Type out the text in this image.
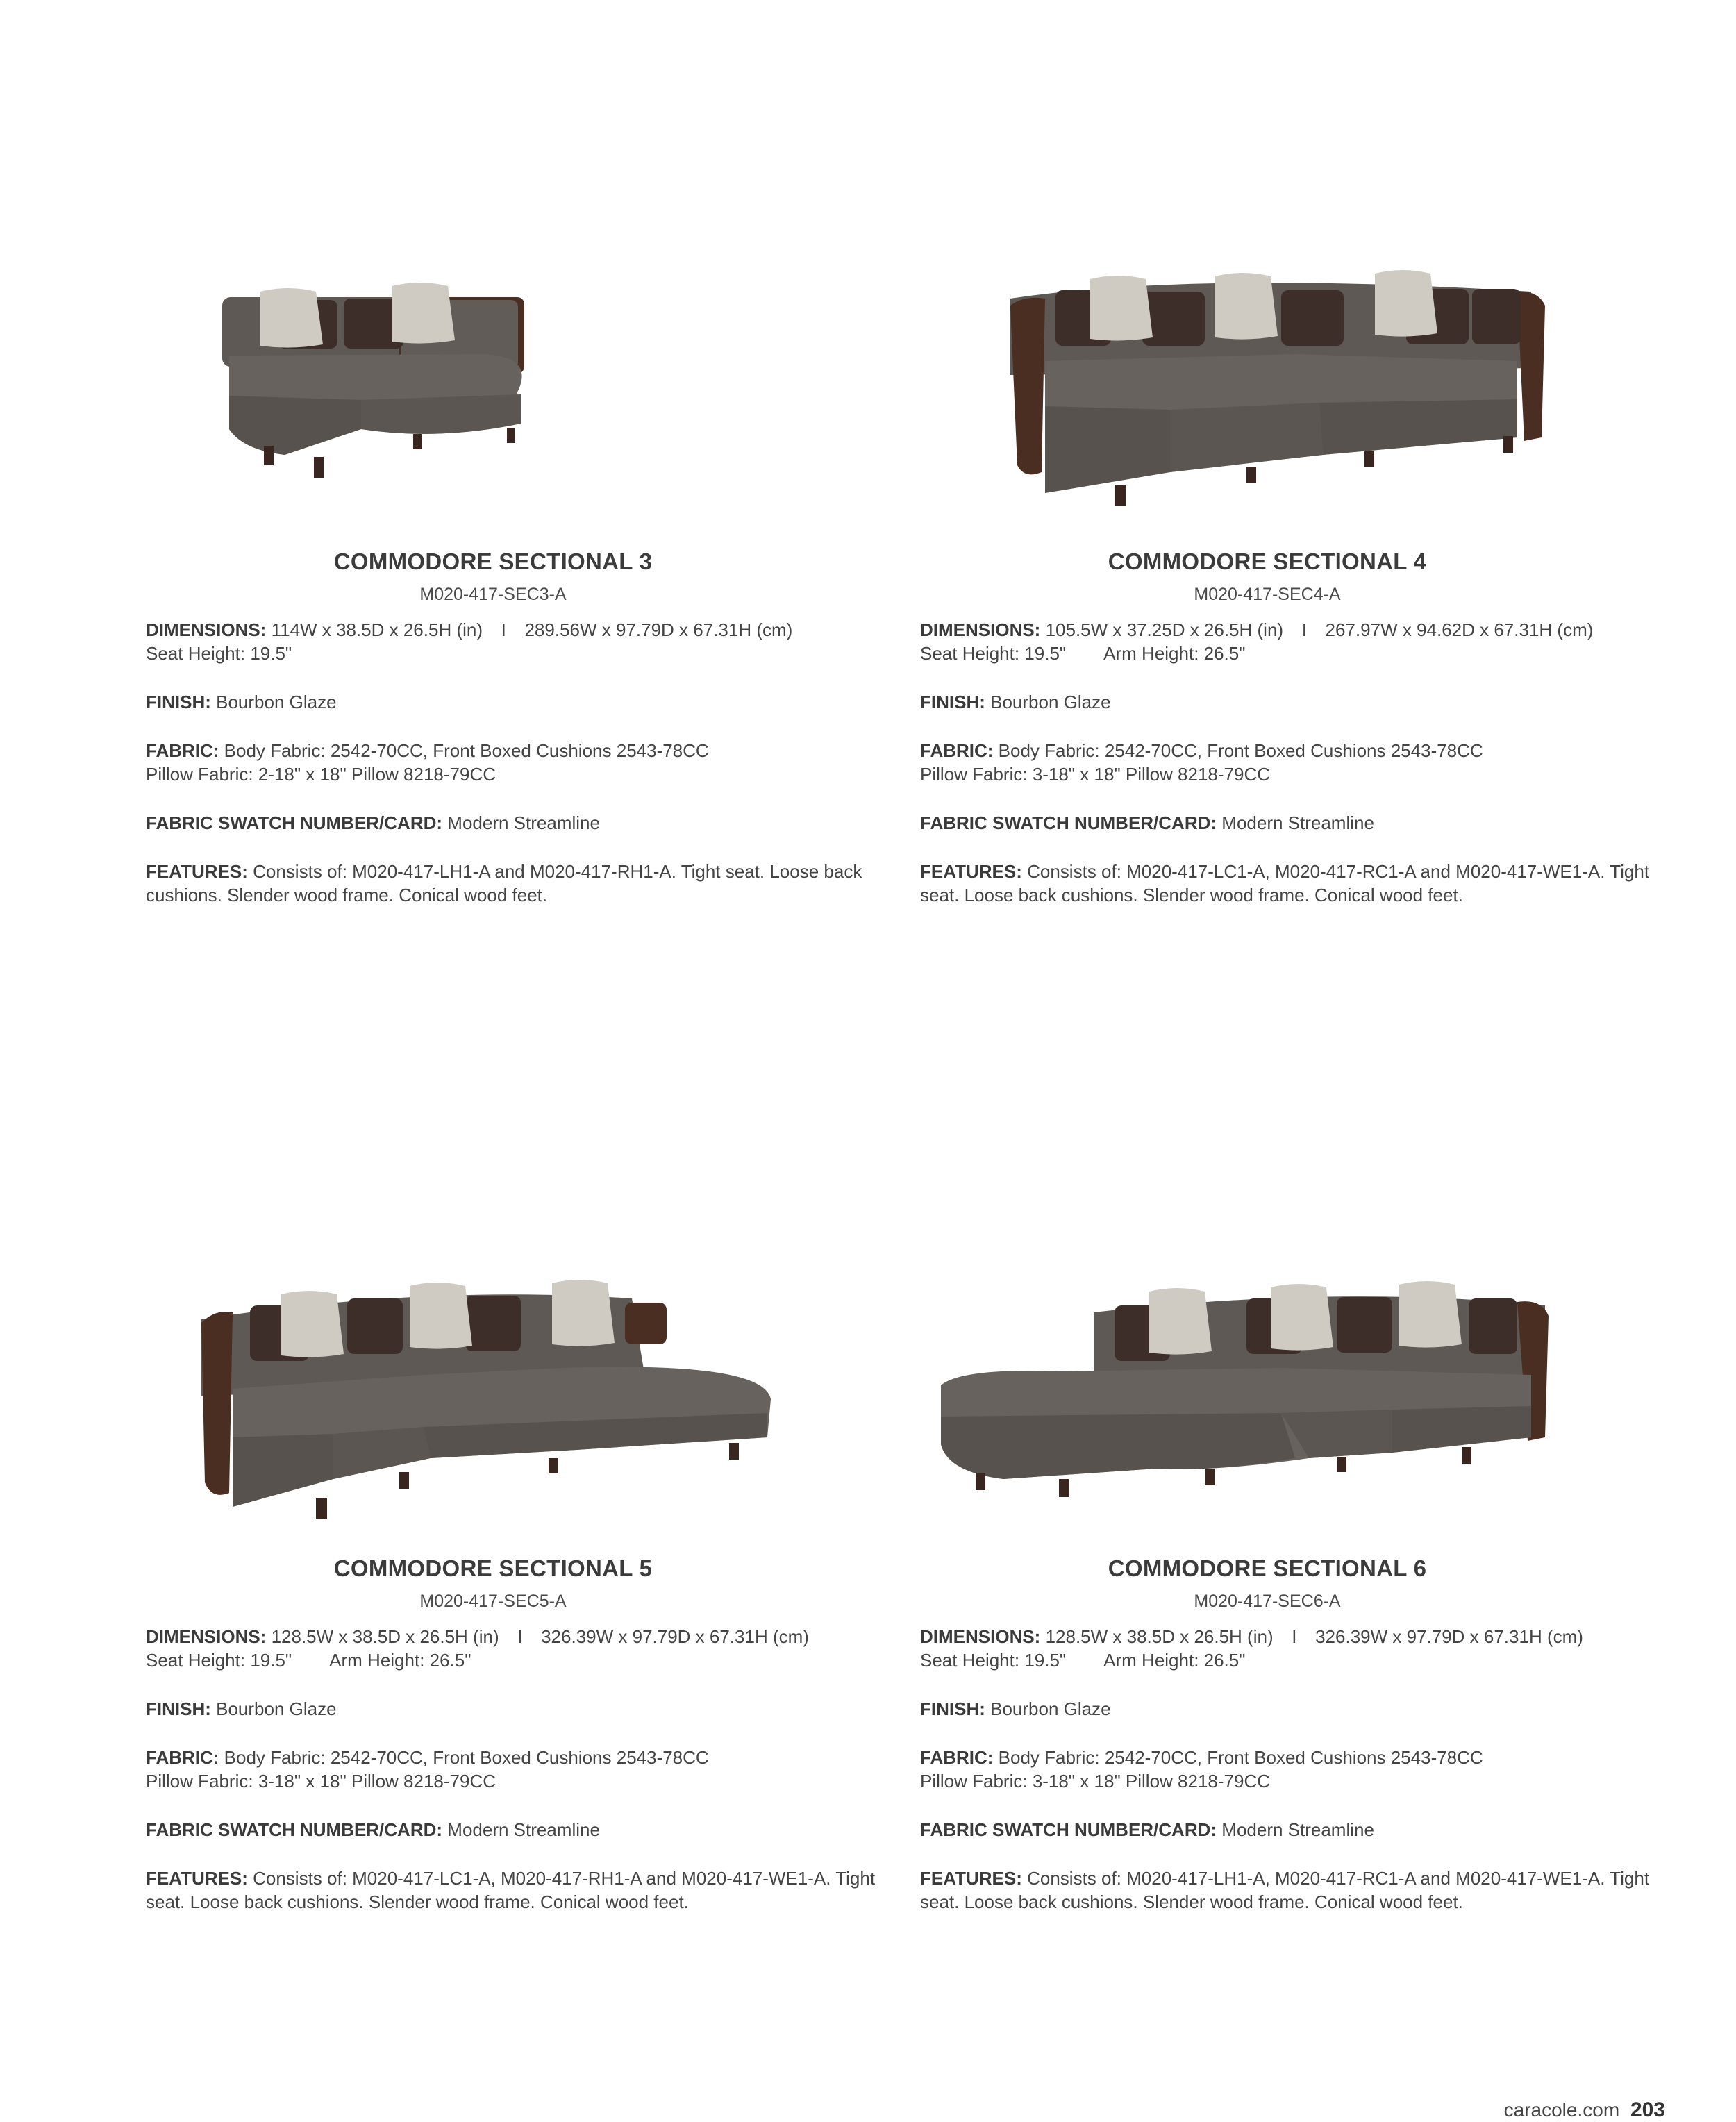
COMMODORE SECTIONAL 3

M020-417-SEC3-A

DIMENSIONS: 114W x 38.5D x 26.5H (in) I 289.56W x 97.79D x 67.31H (cm)
Seat Height: 19.5"

FINISH: Bourbon Glaze

FABRIC: Body Fabric: 2542-70CC, Front Boxed Cushions 2543-78CC
Pillow Fabric: 2-18" x 18" Pillow 8218-79CC

FABRIC SWATCH NUMBER/CARD: Modern Streamline

FEATURES: Consists of: M020-417-LH1-A and M020-417-RH1-A. Tight seat. Loose back cushions. Slender wood frame. Conical wood feet.

COMMODORE SECTIONAL 4

M020-417-SEC4-A

DIMENSIONS: 105.5W x 37.25D x 26.5H (in) I 267.97W x 94.62D x 67.31H (cm)
Seat Height: 19.5" Arm Height: 26.5"

FINISH: Bourbon Glaze

FABRIC: Body Fabric: 2542-70CC, Front Boxed Cushions 2543-78CC
Pillow Fabric: 3-18" x 18" Pillow 8218-79CC

FABRIC SWATCH NUMBER/CARD: Modern Streamline

FEATURES: Consists of: M020-417-LC1-A, M020-417-RC1-A and M020-417-WE1-A. Tight seat. Loose back cushions. Slender wood frame. Conical wood feet.

COMMODORE SECTIONAL 5

M020-417-SEC5-A

DIMENSIONS: 128.5W x 38.5D x 26.5H (in) I 326.39W x 97.79D x 67.31H (cm)
Seat Height: 19.5" Arm Height: 26.5"

FINISH: Bourbon Glaze

FABRIC: Body Fabric: 2542-70CC, Front Boxed Cushions 2543-78CC
Pillow Fabric: 3-18" x 18" Pillow 8218-79CC

FABRIC SWATCH NUMBER/CARD: Modern Streamline

FEATURES: Consists of: M020-417-LC1-A, M020-417-RH1-A and M020-417-WE1-A. Tight seat. Loose back cushions. Slender wood frame. Conical wood feet.

COMMODORE SECTIONAL 6

M020-417-SEC6-A

DIMENSIONS: 128.5W x 38.5D x 26.5H (in) I 326.39W x 97.79D x 67.31H (cm)
Seat Height: 19.5" Arm Height: 26.5"

FINISH: Bourbon Glaze

FABRIC: Body Fabric: 2542-70CC, Front Boxed Cushions 2543-78CC
Pillow Fabric: 3-18" x 18" Pillow 8218-79CC

FABRIC SWATCH NUMBER/CARD: Modern Streamline

FEATURES: Consists of: M020-417-LH1-A, M020-417-RC1-A and M020-417-WE1-A. Tight seat. Loose back cushions. Slender wood frame. Conical wood feet.

caracole.com 203
